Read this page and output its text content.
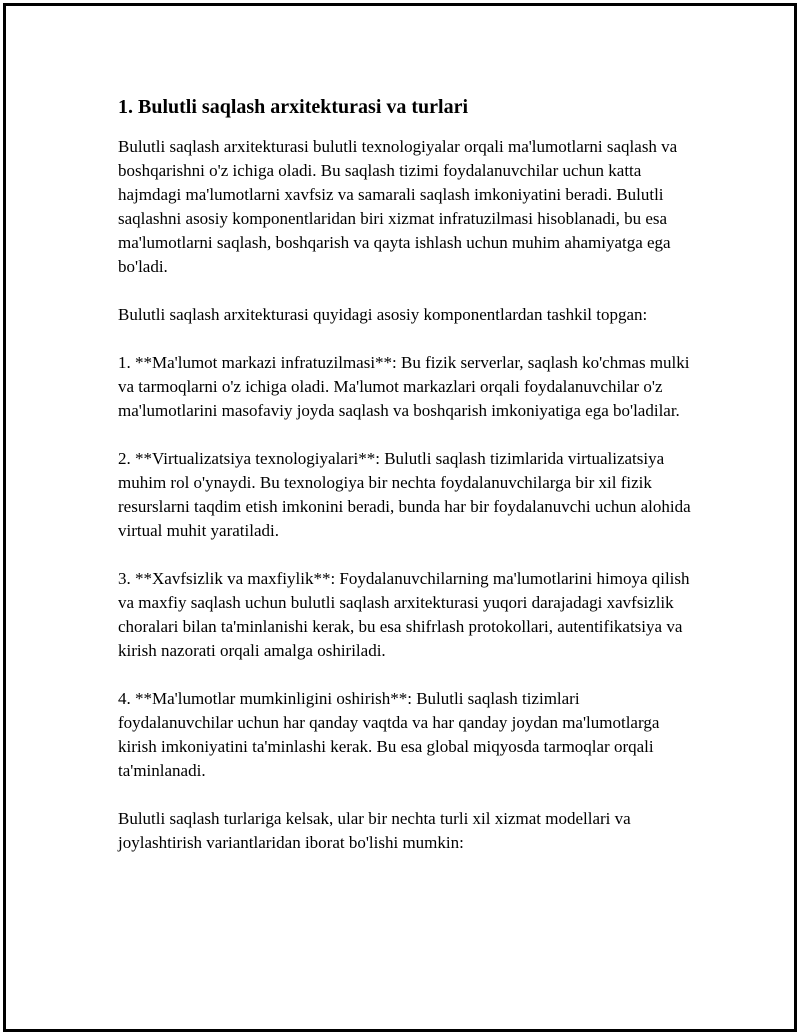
1. Bulutli saqlash arxitekturasi va turlari

Bulutli saqlash arxitekturasi bulutli texnologiyalar orqali ma'lumotlarni saqlash va boshqarishni o'z ichiga oladi. Bu saqlash tizimi foydalanuvchilar uchun katta hajmdagi ma'lumotlarni xavfsiz va samarali saqlash imkoniyatini beradi. Bulutli saqlashni asosiy komponentlaridan biri xizmat infratuzilmasi hisoblanadi, bu esa ma'lumotlarni saqlash, boshqarish va qayta ishlash uchun muhim ahamiyatga ega bo'ladi.

Bulutli saqlash arxitekturasi quyidagi asosiy komponentlardan tashkil topgan:

1. **Ma'lumot markazi infratuzilmasi**: Bu fizik serverlar, saqlash ko'chmas mulki va tarmoqlarni o'z ichiga oladi. Ma'lumot markazlari orqali foydalanuvchilar o'z ma'lumotlarini masofaviy joyda saqlash va boshqarish imkoniyatiga ega bo'ladilar.

2. **Virtualizatsiya texnologiyalari**: Bulutli saqlash tizimlarida virtualizatsiya muhim rol o'ynaydi. Bu texnologiya bir nechta foydalanuvchilarga bir xil fizik resurslarni taqdim etish imkonini beradi, bunda har bir foydalanuvchi uchun alohida virtual muhit yaratiladi.

3. **Xavfsizlik va maxfiylik**: Foydalanuvchilarning ma'lumotlarini himoya qilish va maxfiy saqlash uchun bulutli saqlash arxitekturasi yuqori darajadagi xavfsizlik choralari bilan ta'minlanishi kerak, bu esa shifrlash protokollari, autentifikatsiya va kirish nazorati orqali amalga oshiriladi.

4. **Ma'lumotlar mumkinligini oshirish**: Bulutli saqlash tizimlari foydalanuvchilar uchun har qanday vaqtda va har qanday joydan ma'lumotlarga kirish imkoniyatini ta'minlashi kerak. Bu esa global miqyosda tarmoqlar orqali ta'minlanadi.

Bulutli saqlash turlariga kelsak, ular bir nechta turli xil xizmat modellari va joylashtirish variantlaridan iborat bo'lishi mumkin:
